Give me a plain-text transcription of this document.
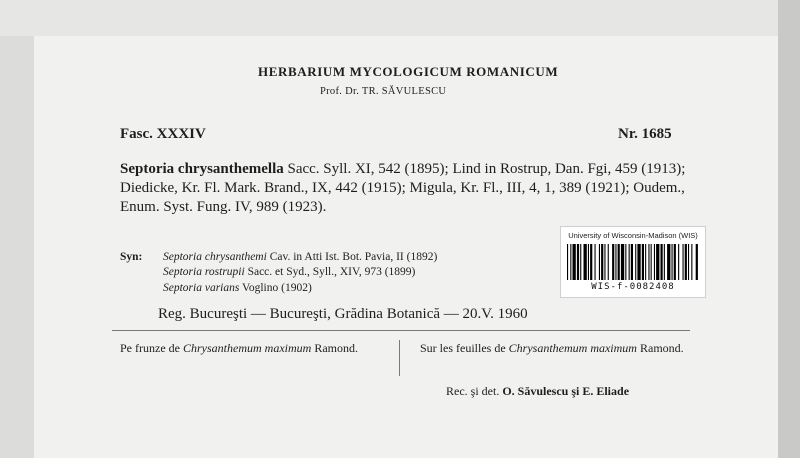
HERBARIUM MYCOLOGICUM ROMANICUM
Prof. Dr. TR. SĂVULESCU
Fasc. XXXIV	Nr. 1685
Septoria chrysanthemella Sacc. Syll. XI, 542 (1895); Lind in Rostrup, Dan. Fgi, 459 (1913); Diedicke, Kr. Fl. Mark. Brand., IX, 442 (1915); Migula, Kr. Fl., III, 4, 1, 389 (1921); Oudem., Enum. Syst. Fung. IV, 989 (1923).
Syn: Septoria chrysanthemi Cav. in Atti Ist. Bot. Pavia, II (1892)
Septoria rostrupii Sacc. et Syd., Syll., XIV, 973 (1899)
Septoria varians Voglino (1902)
University of Wisconsin-Madison (WIS)
WIS-f-0082408
Reg. Bucureşti — Bucureşti, Grădina Botanică — 20.V. 1960
Pe frunze de Chrysanthemum maximum Ramond.	Sur les feuilles de Chrysanthemum maximum Ramond.
Rec. şi det. O. Săvulescu şi E. Eliade
